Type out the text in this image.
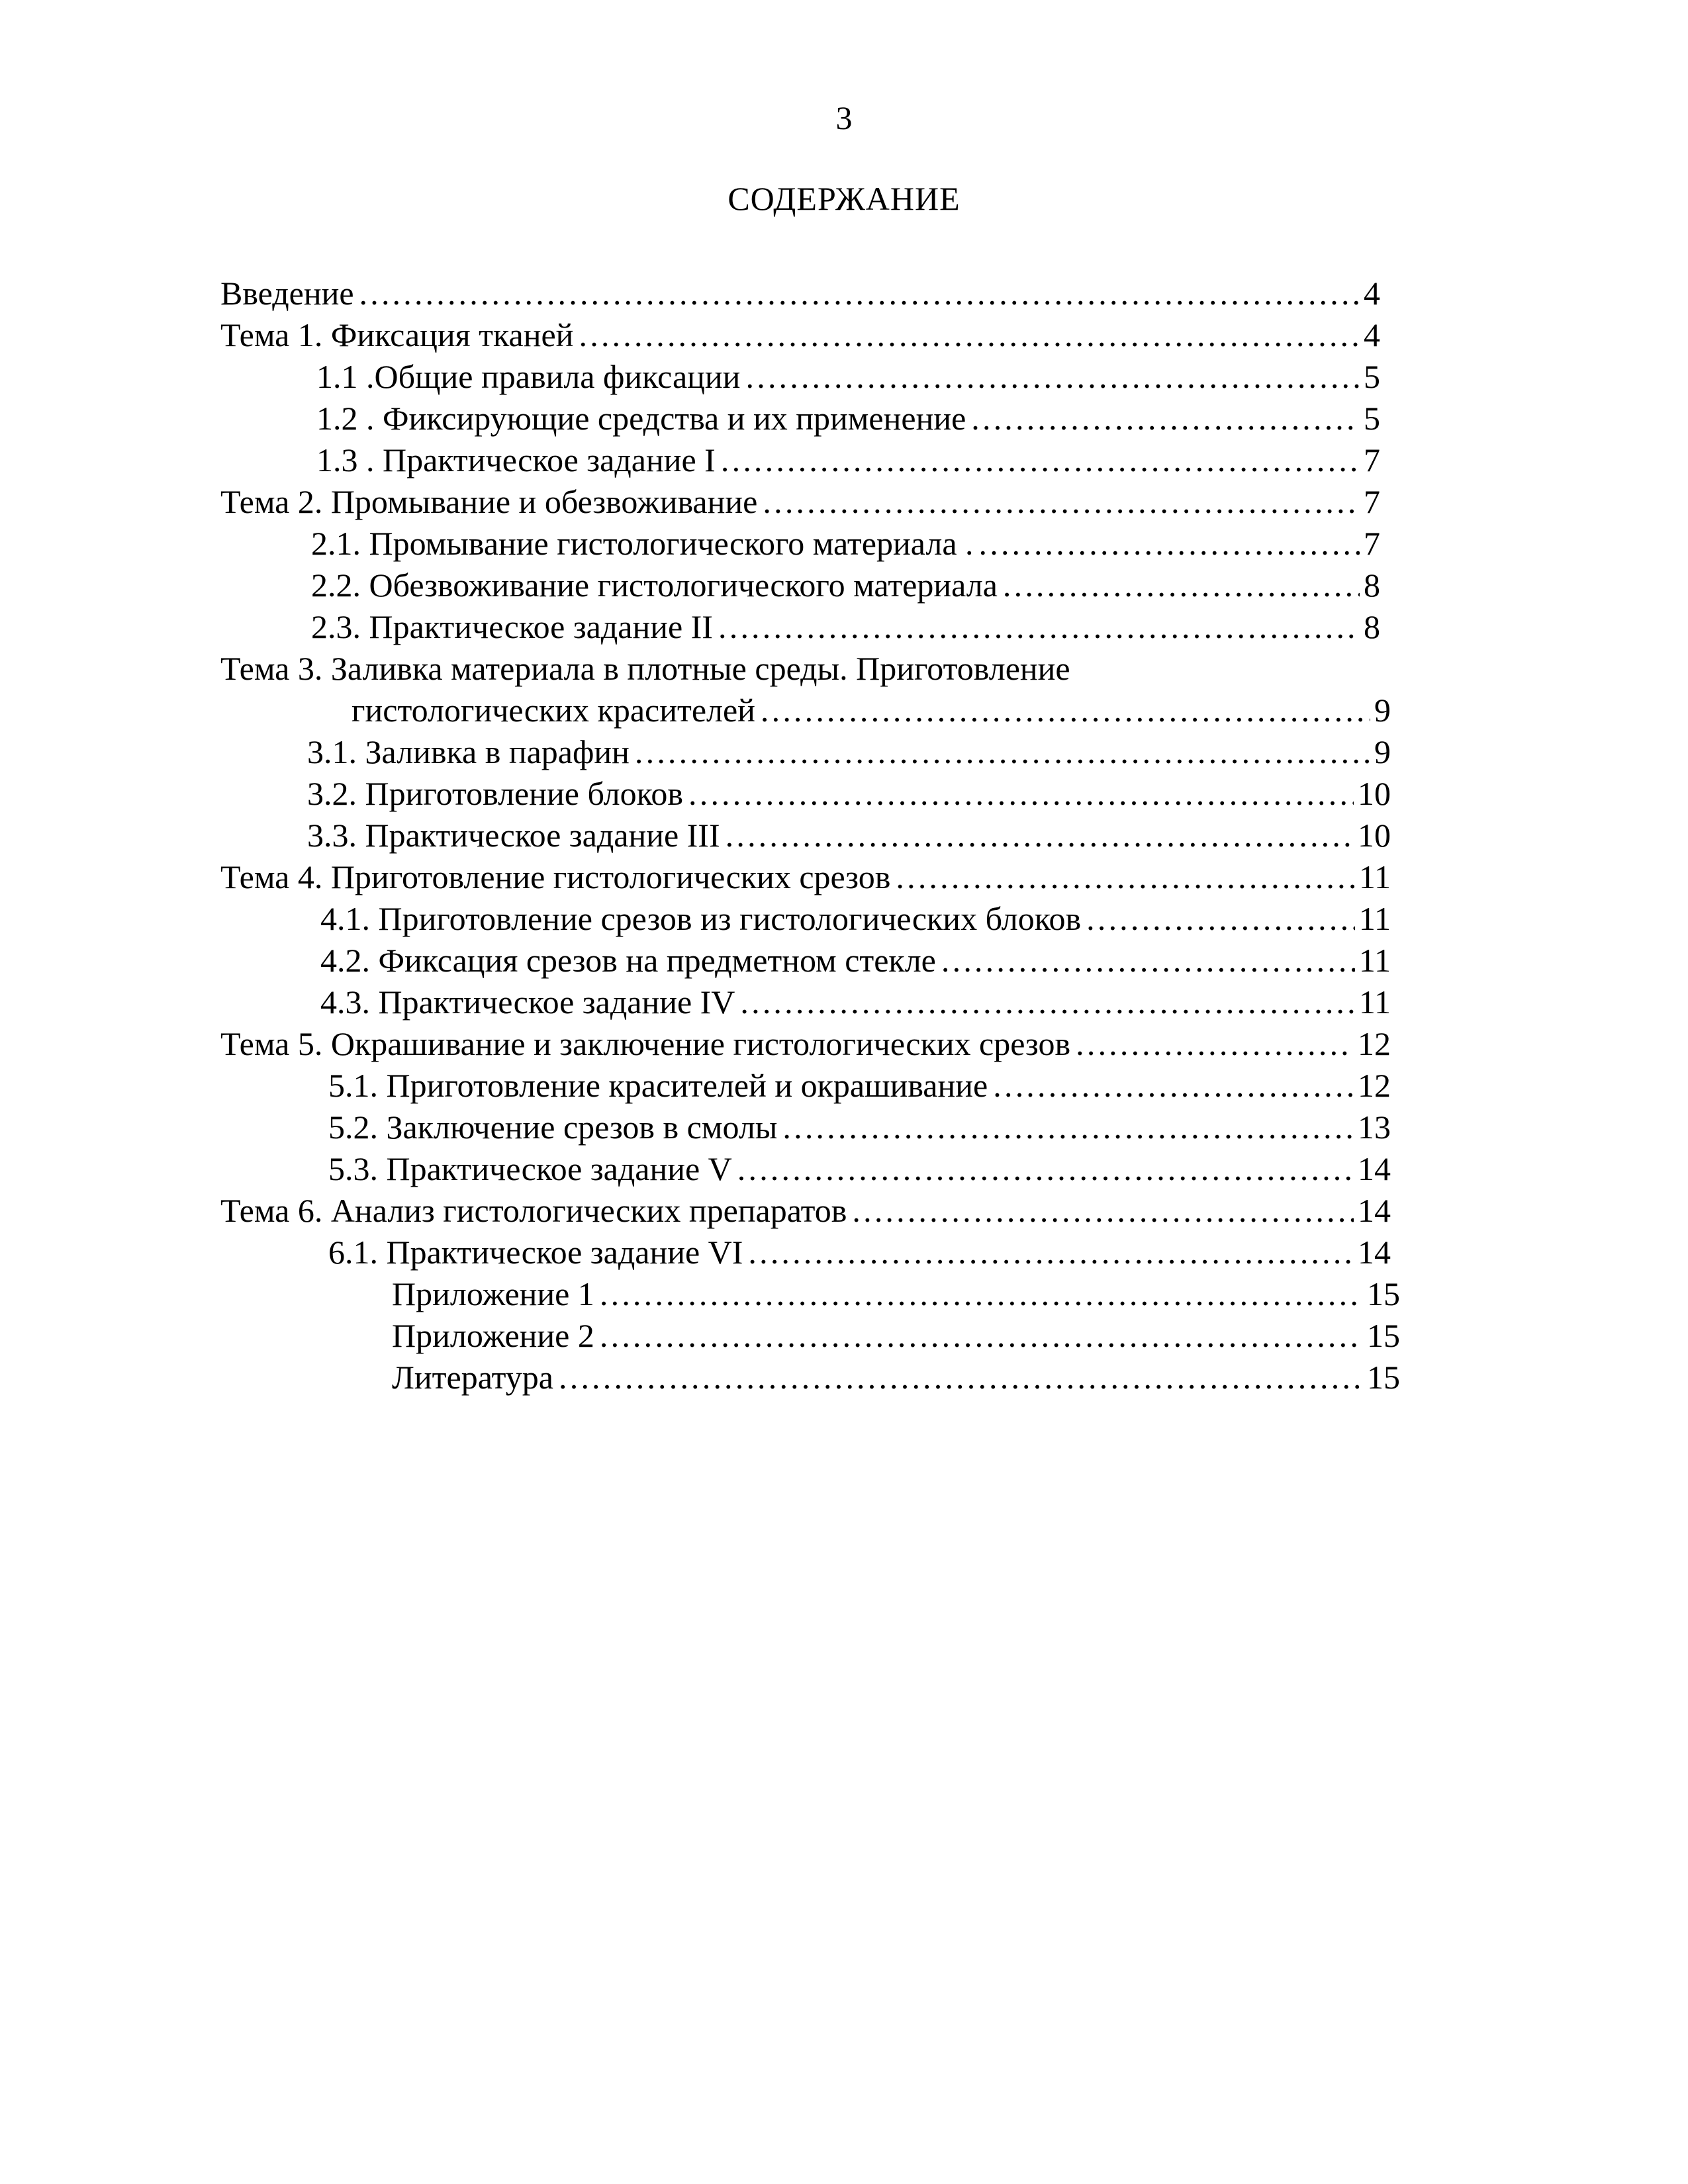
3
СОДЕРЖАНИЕ
Введение ……………………………………………………………………………………………………………………………………………………………………………	4
Тема 1. Фиксация тканей ……………………………………………………………………………………………………………………………………………………………………………	4
1.1 .Общие правила фиксации ……………………………………………………………………………………………………………………………………………………………………………	5
1.2 . Фиксирующие средства и их применение ……………………………………………………………………………………………………………………………………………………………………………	5
1.3 . Практическое задание I ……………………………………………………………………………………………………………………………………………………………………………	7
Тема 2. Промывание и обезвоживание ……………………………………………………………………………………………………………………………………………………………………………	7
2.1. Промывание гистологического материала . ……………………………………………………………………………………………………………………………………………………………………………	7
2.2. Обезвоживание гистологического материала ……………………………………………………………………………………………………………………………………………………………………………	8
2.3. Практическое задание II ……………………………………………………………………………………………………………………………………………………………………………	8
Тема 3. Заливка материала в плотные среды. Приготовление
гистологических красителей ……………………………………………………………………………………………………………………………………………………………………………	9
3.1. Заливка в парафин ……………………………………………………………………………………………………………………………………………………………………………	9
3.2. Приготовление блоков ……………………………………………………………………………………………………………………………………………………………………………	10
3.3. Практическое задание III ……………………………………………………………………………………………………………………………………………………………………………	10
Тема 4. Приготовление гистологических срезов ……………………………………………………………………………………………………………………………………………………………………………	11
4.1. Приготовление срезов из гистологических блоков ……………………………………………………………………………………………………………………………………………………………………………	11
4.2. Фиксация срезов на предметном стекле ……………………………………………………………………………………………………………………………………………………………………………	11
4.3. Практическое задание IV ……………………………………………………………………………………………………………………………………………………………………………	11
Тема 5. Окрашивание и заключение гистологических срезов ……………………………………………………………………………………………………………………………………………………………………………	12
5.1. Приготовление красителей и окрашивание ……………………………………………………………………………………………………………………………………………………………………………	12
5.2. Заключение срезов в смолы ……………………………………………………………………………………………………………………………………………………………………………	13
5.3. Практическое задание V ……………………………………………………………………………………………………………………………………………………………………………	14
Тема 6. Анализ гистологических препаратов ……………………………………………………………………………………………………………………………………………………………………………	14
6.1. Практическое задание VI ……………………………………………………………………………………………………………………………………………………………………………	14
Приложение 1 ……………………………………………………………………………………………………………………………………………………………………………	15
Приложение 2 ……………………………………………………………………………………………………………………………………………………………………………	15
Литература ……………………………………………………………………………………………………………………………………………………………………………	15
